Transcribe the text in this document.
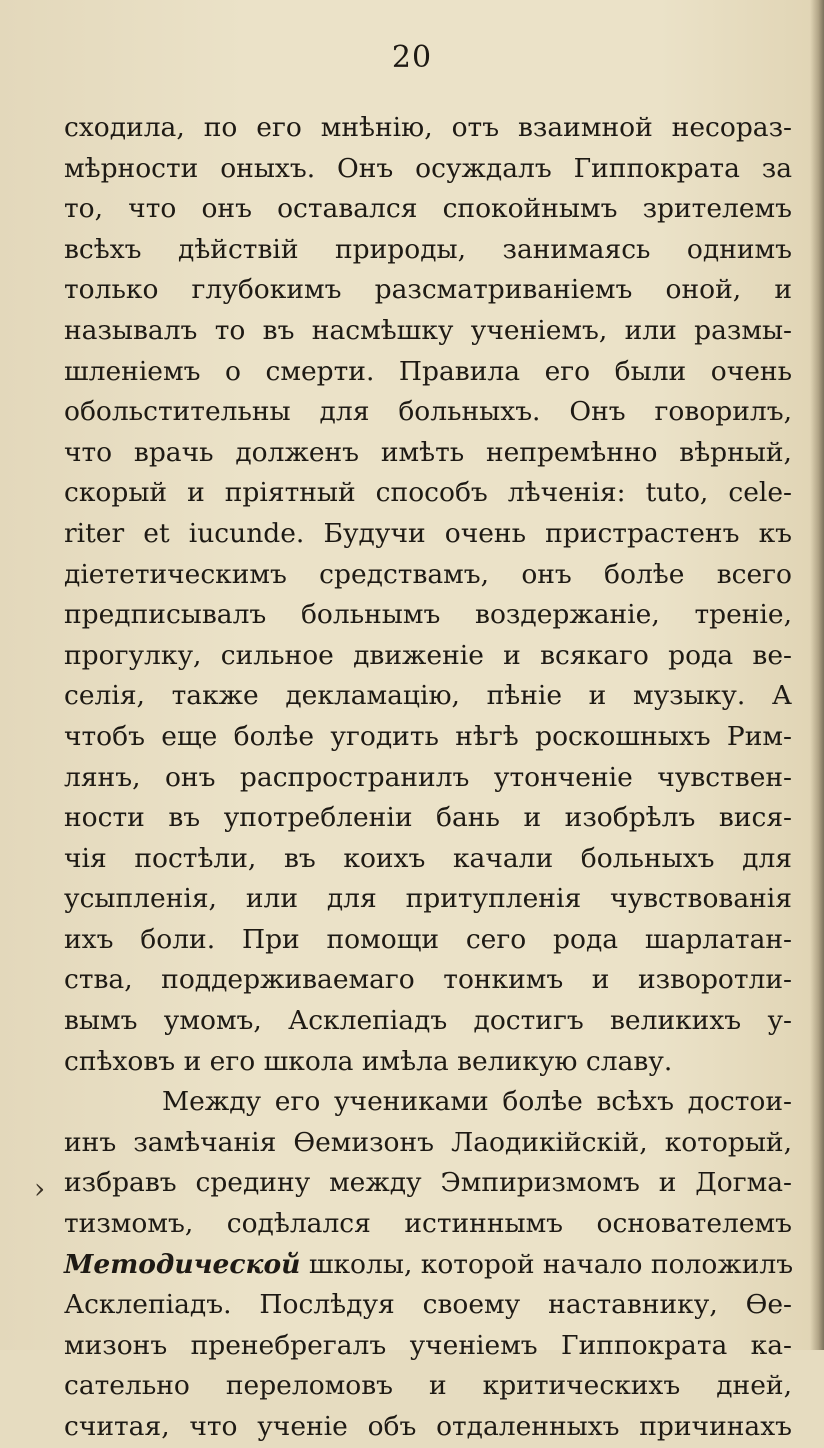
20
сходила, по его мнѣнію, отъ взаимной несораз-
мѣрности оныхъ. Онъ осуждалъ Гиппократа за
то, что онъ оставался спокойнымъ зрителемъ
всѣхъ дѣйствій природы, занимаясь однимъ
только глубокимъ разсматриваніемъ оной, и
называлъ то въ насмѣшку ученіемъ, или размы-
шленіемъ о смерти. Правила его были очень
обольстительны для больныхъ. Онъ говорилъ,
что врачь долженъ имѣть непремѣнно вѣрный,
скорый и пріятный способъ лѣченія: tuto, cele-
riter et iucunde. Будучи очень пристрастенъ къ
діететическимъ средствамъ, онъ болѣе всего
предписывалъ больнымъ воздержаніе, треніе,
прогулку, сильное движеніе и всякаго рода ве-
селія, также декламацію, пѣніе и музыку. А
чтобъ еще болѣе угодить нѣгѣ роскошныхъ Рим-
лянъ, онъ распространилъ утонченіе чувствен-
ности въ употребленіи бань и изобрѣлъ вися-
чія постѣли, въ коихъ качали больныхъ для
усыпленія, или для притупленія чувствованія
ихъ боли. При помощи сего рода шарлатан-
ства, поддерживаемаго тонкимъ и изворотли-
вымъ умомъ, Асклепіадъ достигъ великихъ у-
спѣховъ и его школа имѣла великую славу.
Между его учениками болѣе всѣхъ достои-
инъ замѣчанія Ѳемизонъ Лаодикійскій, который,
избравъ средину между Эмпиризмомъ и Догма-
тизмомъ, содѣлался истиннымъ основателемъ
Методической школы, которой начало положилъ
Асклепіадъ. Послѣдуя своему наставнику, Ѳе-
мизонъ пренебрегалъ ученіемъ Гиппократа ка-
сательно переломовъ и критическихъ дней,
считая, что ученіе объ отдаленныхъ причинахъ
›
